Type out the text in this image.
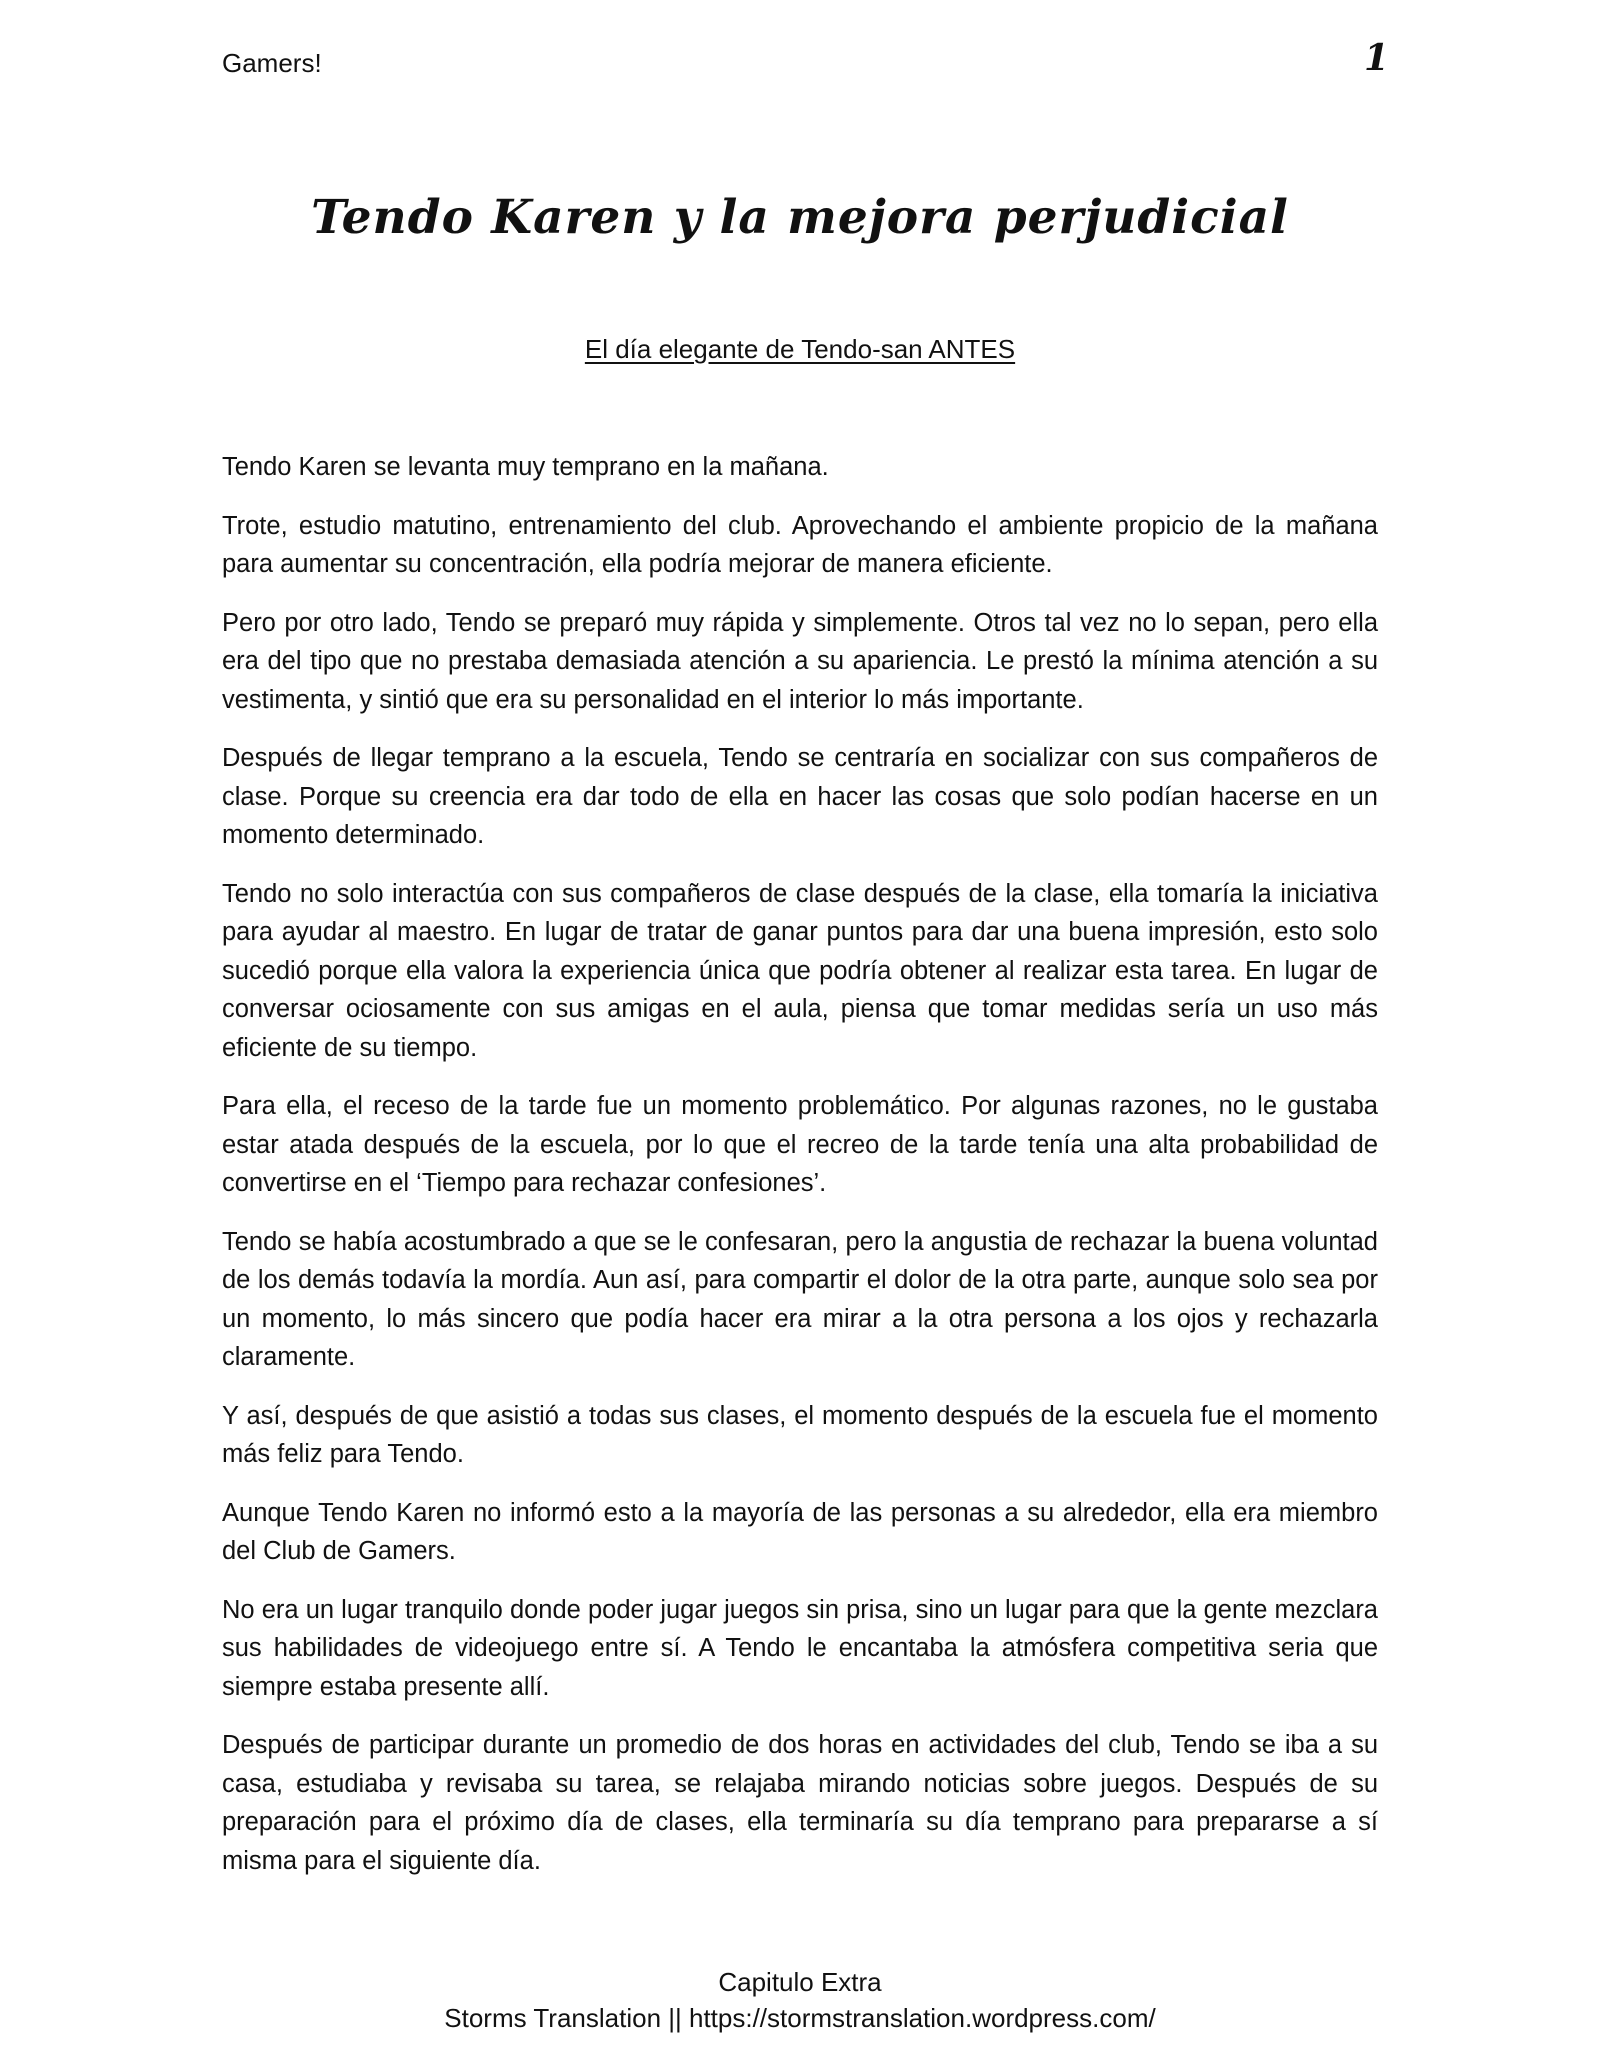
Gamers!	1
Tendo Karen y la mejora perjudicial
El día elegante de Tendo-san ANTES

Tendo Karen se levanta muy temprano en la mañana.

Trote, estudio matutino, entrenamiento del club. Aprovechando el ambiente propicio de la mañana para aumentar su concentración, ella podría mejorar de manera eficiente.

Pero por otro lado, Tendo se preparó muy rápida y simplemente. Otros tal vez no lo sepan, pero ella era del tipo que no prestaba demasiada atención a su apariencia. Le prestó la mínima atención a su vestimenta, y sintió que era su personalidad en el interior lo más importante.

Después de llegar temprano a la escuela, Tendo se centraría en socializar con sus compañeros de clase. Porque su creencia era dar todo de ella en hacer las cosas que solo podían hacerse en un momento determinado.

Tendo no solo interactúa con sus compañeros de clase después de la clase, ella tomaría la iniciativa para ayudar al maestro. En lugar de tratar de ganar puntos para dar una buena impresión, esto solo sucedió porque ella valora la experiencia única que podría obtener al realizar esta tarea. En lugar de conversar ociosamente con sus amigas en el aula, piensa que tomar medidas sería un uso más eficiente de su tiempo.

Para ella, el receso de la tarde fue un momento problemático. Por algunas razones, no le gustaba estar atada después de la escuela, por lo que el recreo de la tarde tenía una alta probabilidad de convertirse en el ‘Tiempo para rechazar confesiones’.

Tendo se había acostumbrado a que se le confesaran, pero la angustia de rechazar la buena voluntad de los demás todavía la mordía. Aun así, para compartir el dolor de la otra parte, aunque solo sea por un momento, lo más sincero que podía hacer era mirar a la otra persona a los ojos y rechazarla claramente.

Y así, después de que asistió a todas sus clases, el momento después de la escuela fue el momento más feliz para Tendo.

Aunque Tendo Karen no informó esto a la mayoría de las personas a su alrededor, ella era miembro del Club de Gamers.

No era un lugar tranquilo donde poder jugar juegos sin prisa, sino un lugar para que la gente mezclara sus habilidades de videojuego entre sí. A Tendo le encantaba la atmósfera competitiva seria que siempre estaba presente allí.

Después de participar durante un promedio de dos horas en actividades del club, Tendo se iba a su casa, estudiaba y revisaba su tarea, se relajaba mirando noticias sobre juegos. Después de su preparación para el próximo día de clases, ella terminaría su día temprano para prepararse a sí misma para el siguiente día.

Capitulo Extra
Storms Translation || https://stormstranslation.wordpress.com/
